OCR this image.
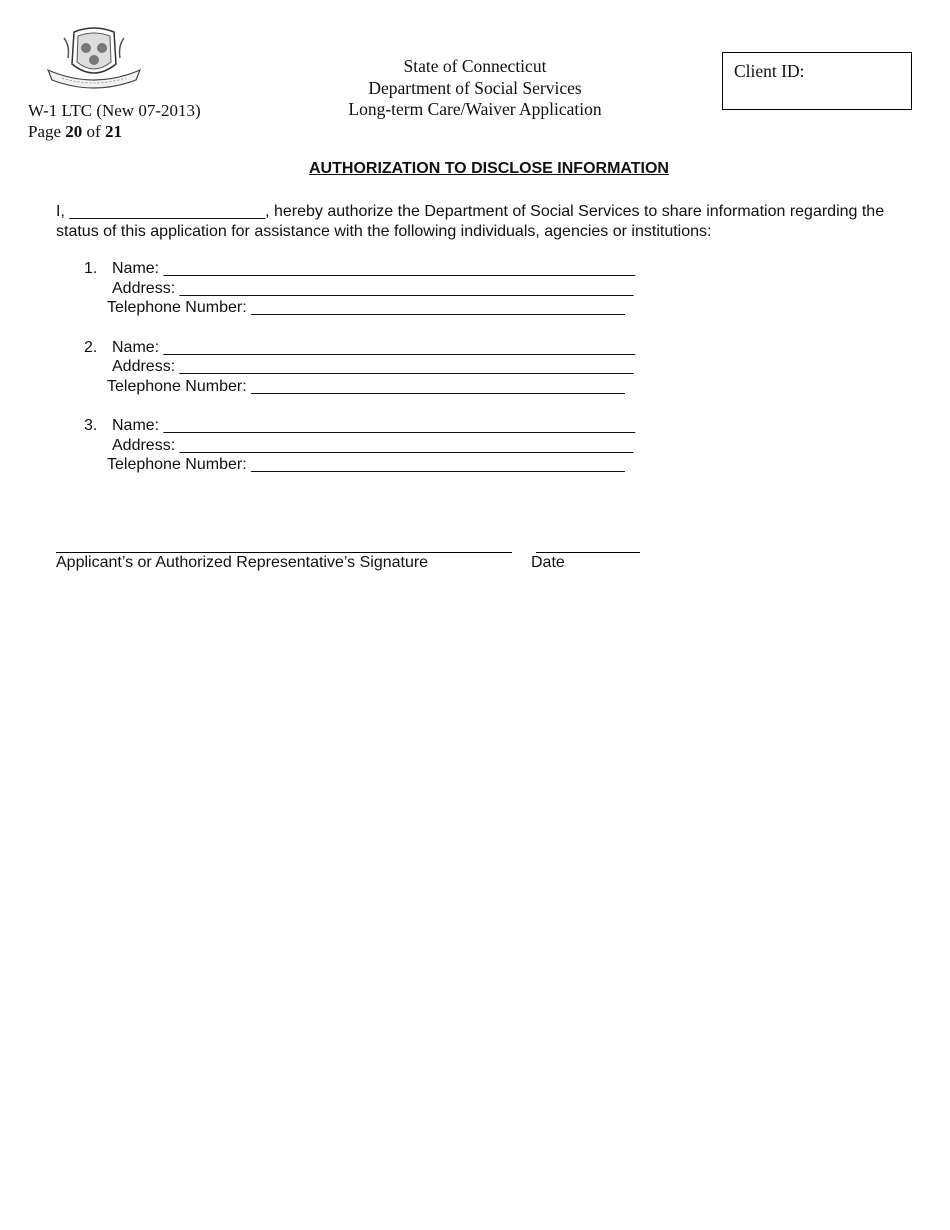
W-1 LTC (New 07-2013)
Page 20 of 21
State of Connecticut
Department of Social Services
Long-term Care/Waiver Application
Client ID:
AUTHORIZATION TO DISCLOSE INFORMATION
I, ______________________, hereby authorize the Department of Social Services to share information regarding the status of this application for assistance with the following individuals, agencies or institutions:
1. Name: _____________________________________________________
Address: ___________________________________________________
Telephone Number: __________________________________________
2. Name: _____________________________________________________
Address: ___________________________________________________
Telephone Number: __________________________________________
3. Name: _____________________________________________________
Address: ___________________________________________________
Telephone Number: __________________________________________
Applicant’s or Authorized Representative’s Signature	Date
